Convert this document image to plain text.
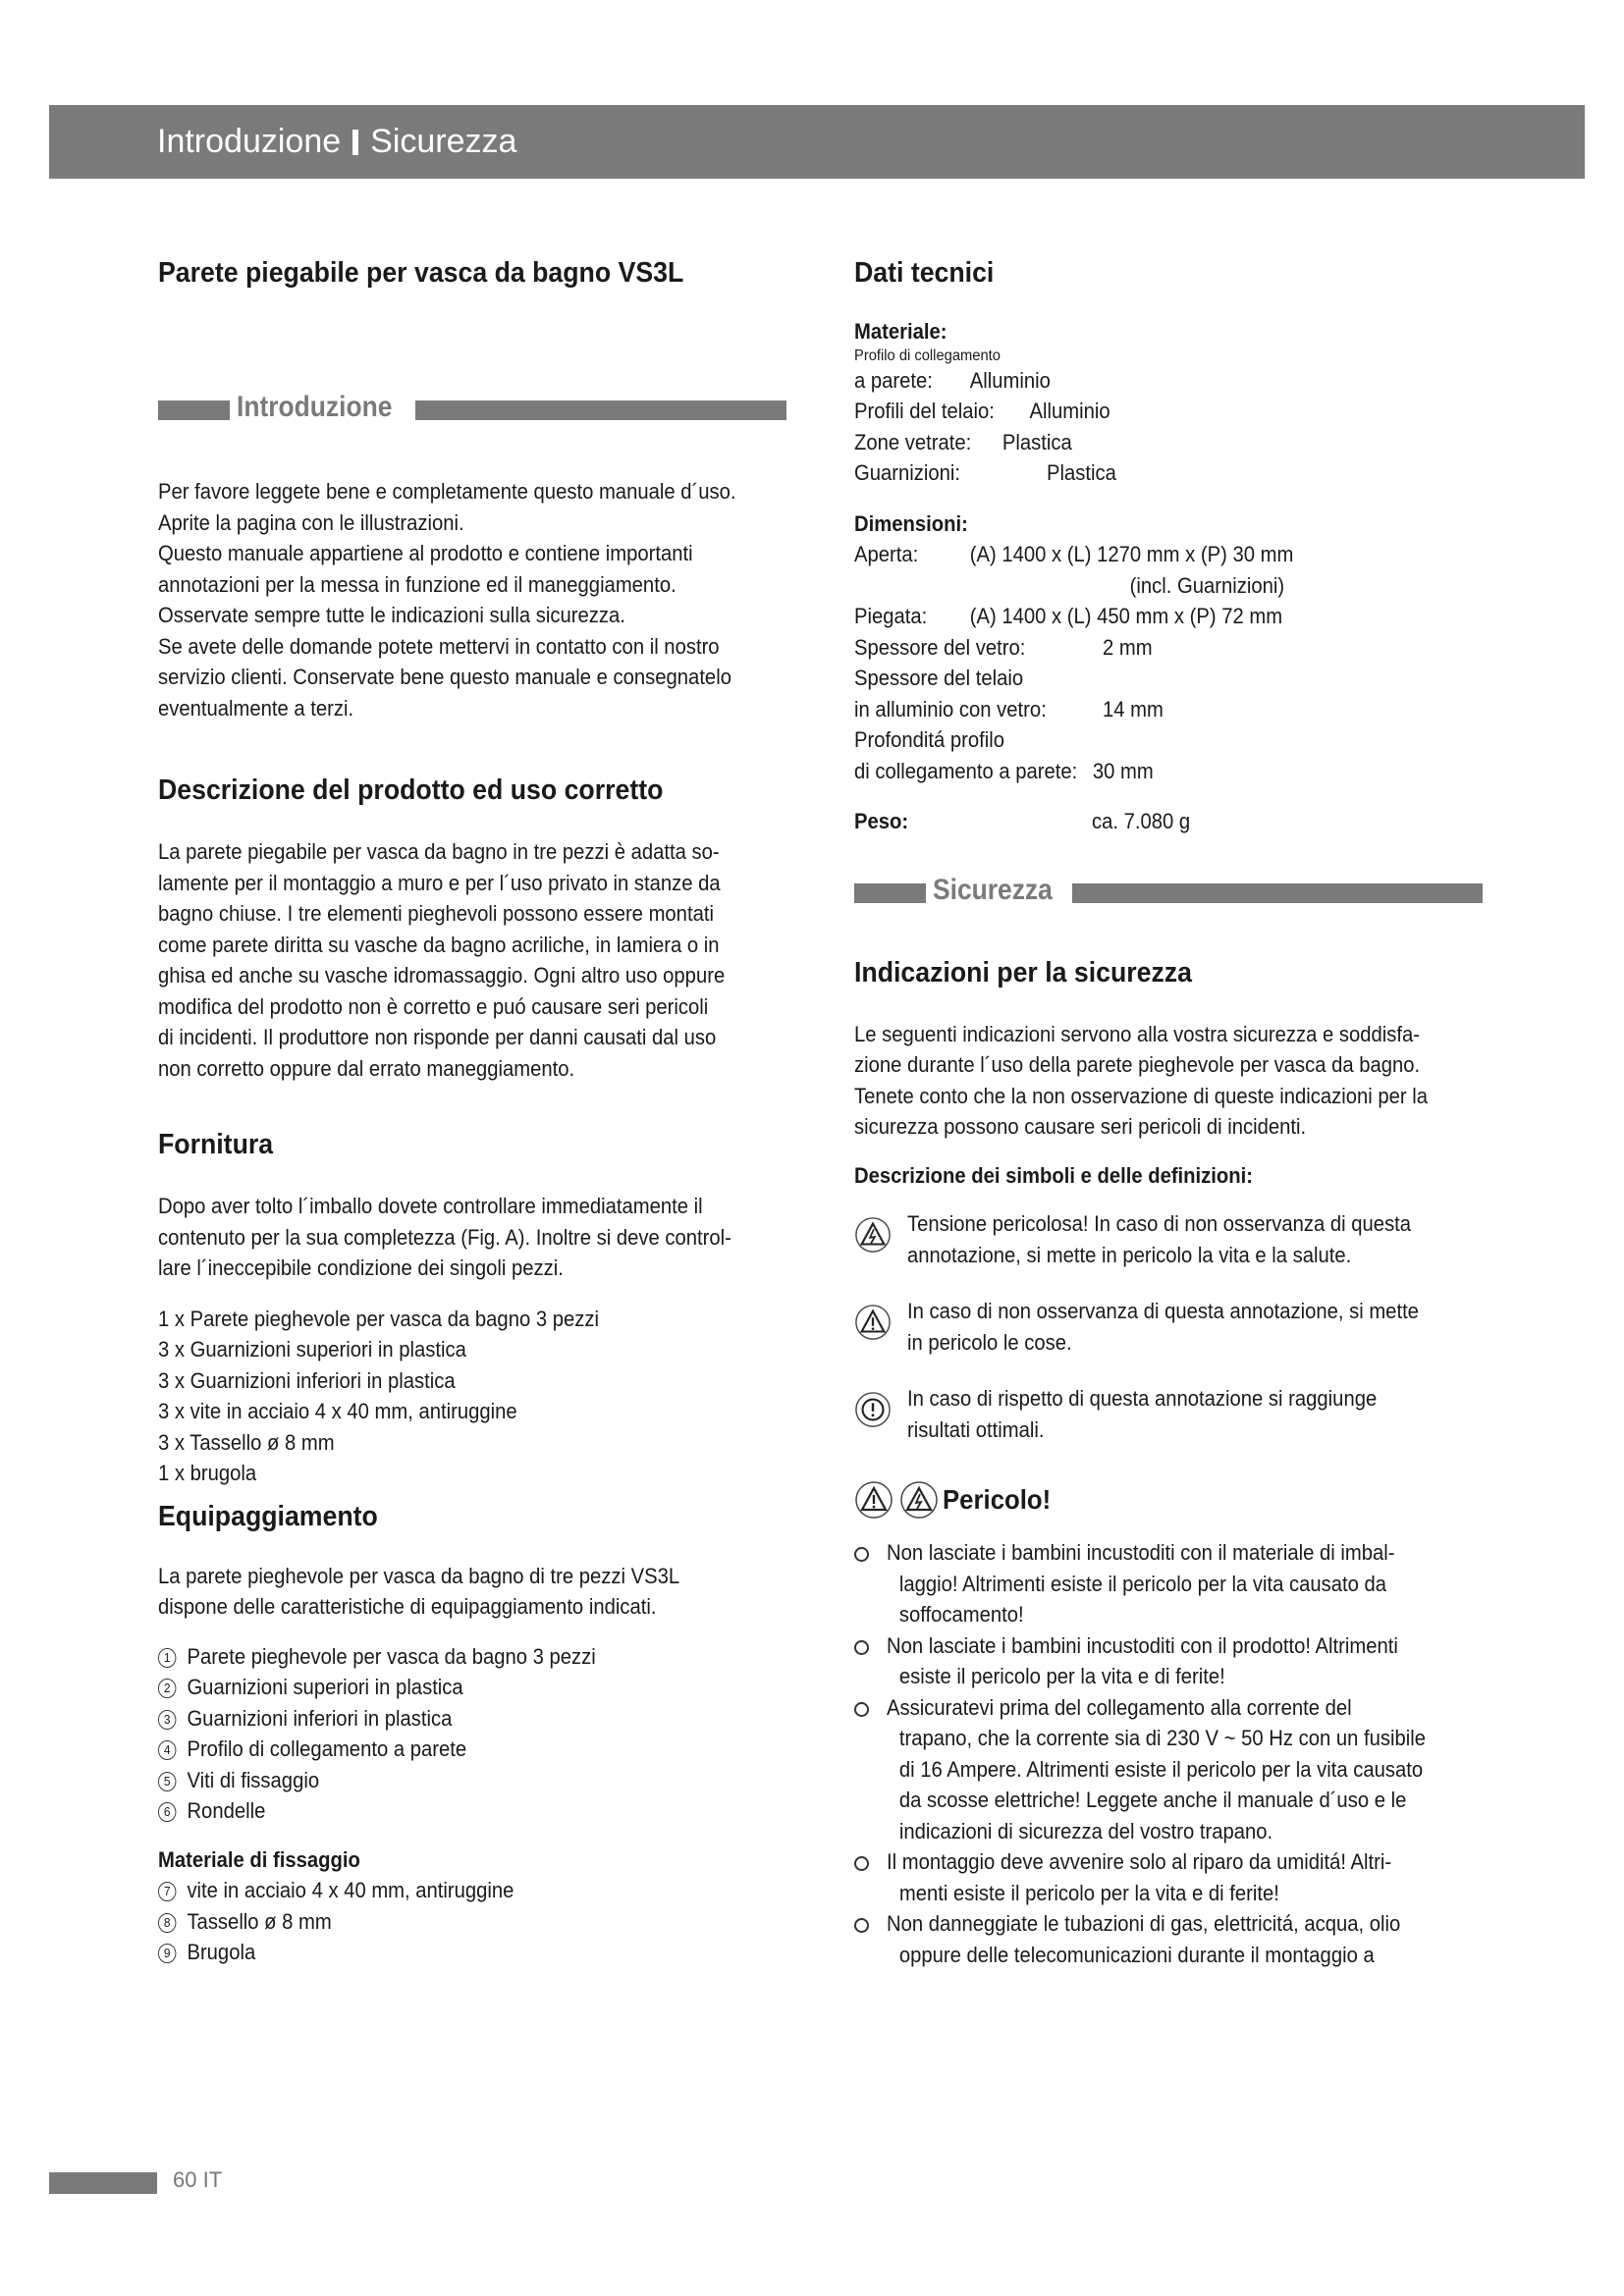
Introduzione Sicurezza
Parete piegabile per vasca da bagno VS3L
Introduzione
Per favore leggete bene e completamente questo manuale d´uso.
Aprite la pagina con le illustrazioni.
Questo manuale appartiene al prodotto e contiene importanti
annotazioni per la messa in funzione ed il maneggiamento.
Osservate sempre tutte le indicazioni sulla sicurezza.
Se avete delle domande potete mettervi in contatto con il nostro
servizio clienti. Conservate bene questo manuale e consegnatelo
eventualmente a terzi.
Descrizione del prodotto ed uso corretto
La parete piegabile per vasca da bagno in tre pezzi è adatta so-
lamente per il montaggio a muro e per l´uso privato in stanze da
bagno chiuse. I tre elementi pieghevoli possono essere montati
come parete diritta su vasche da bagno acriliche, in lamiera o in
ghisa ed anche su vasche idromassaggio. Ogni altro uso oppure
modifica del prodotto non è corretto e puó causare seri pericoli
di incidenti. Il produttore non risponde per danni causati dal uso
non corretto oppure dal errato maneggiamento.
Fornitura
Dopo aver tolto l´imballo dovete controllare immediatamente il
contenuto per la sua completezza (Fig. A). Inoltre si deve control-
lare l´ineccepibile condizione dei singoli pezzi.
1 x Parete pieghevole per vasca da bagno 3 pezzi
3 x Guarnizioni superiori in plastica
3 x Guarnizioni inferiori in plastica
3 x vite in acciaio 4 x 40 mm, antiruggine
3 x Tassello ø 8 mm
1 x brugola
Equipaggiamento
La parete pieghevole per vasca da bagno di tre pezzi VS3L
dispone delle caratteristiche di equipaggiamento indicati.
1 Parete pieghevole per vasca da bagno 3 pezzi
2 Guarnizioni superiori in plastica
3 Guarnizioni inferiori in plastica
4 Profilo di collegamento a parete
5 Viti di fissaggio
6 Rondelle
Materiale di fissaggio
7 vite in acciaio 4 x 40 mm, antiruggine
8 Tassello ø 8 mm
9 Brugola
Dati tecnici
Materiale:
Profilo di collegamento
a parete:	Alluminio
Profili del telaio:	Alluminio
Zone vetrate:	Plastica
Guarnizioni:	Plastica
Dimensioni:
Aperta:	(A) 1400 x (L) 1270 mm x (P) 30 mm
(incl. Guarnizioni)
Piegata:	(A) 1400 x (L) 450 mm x (P) 72 mm
Spessore del vetro:	2 mm
Spessore del telaio
in alluminio con vetro:	14 mm
Profonditá profilo
di collegamento a parete: 30 mm
Peso:	ca. 7.080 g
Sicurezza
Indicazioni per la sicurezza
Le seguenti indicazioni servono alla vostra sicurezza e soddisfa-
zione durante l´uso della parete pieghevole per vasca da bagno.
Tenete conto che la non osservazione di queste indicazioni per la
sicurezza possono causare seri pericoli di incidenti.
Descrizione dei simboli e delle definizioni:
Tensione pericolosa! In caso di non osservanza di questa
annotazione, si mette in pericolo la vita e la salute.
In caso di non osservanza di questa annotazione, si mette
in pericolo le cose.
In caso di rispetto di questa annotazione si raggiunge
risultati ottimali.
Pericolo!
Non lasciate i bambini incustoditi con il materiale di imbal-
laggio! Altrimenti esiste il pericolo per la vita causato da
soffocamento!
Non lasciate i bambini incustoditi con il prodotto! Altrimenti
esiste il pericolo per la vita e di ferite!
Assicuratevi prima del collegamento alla corrente del
trapano, che la corrente sia di 230 V ~ 50 Hz con un fusibile
di 16 Ampere. Altrimenti esiste il pericolo per la vita causato
da scosse elettriche! Leggete anche il manuale d´uso e le
indicazioni di sicurezza del vostro trapano.
Il montaggio deve avvenire solo al riparo da umiditá! Altri-
menti esiste il pericolo per la vita e di ferite!
Non danneggiate le tubazioni di gas, elettricitá, acqua, olio
oppure delle telecomunicazioni durante il montaggio a
60 IT
